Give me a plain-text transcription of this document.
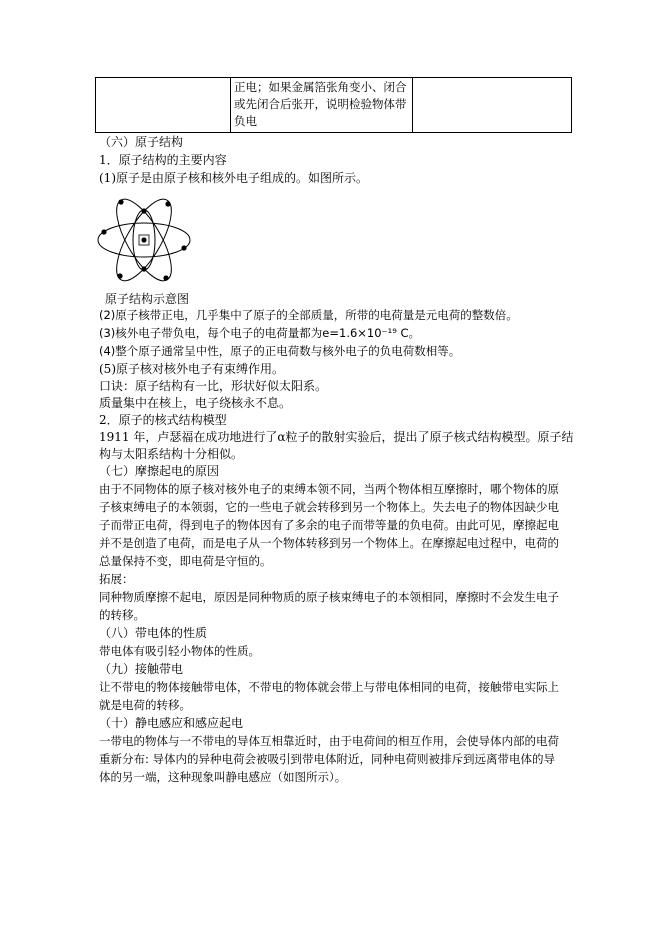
正电；如果金属箔张角变小、闭合
或先闭合后张开，说明检验物体带
负电

（六）原子结构
1．原子结构的主要内容
(1)原子是由原子核和核外电子组成的。如图所示。
原子结构示意图
(2)原子核带正电，几乎集中了原子的全部质量，所带的电荷量是元电荷的整数倍。
(3)核外电子带负电，每个电子的电荷量都为e=1.6×10⁻¹⁹ C。
(4)整个原子通常呈中性，原子的正电荷数与核外电子的负电荷数相等。
(5)原子核对核外电子有束缚作用。
口诀：原子结构有一比，形状好似太阳系。
质量集中在核上，电子绕核永不息。
2．原子的核式结构模型
1911 年，卢瑟福在成功地进行了α粒子的散射实验后，提出了原子核式结构模型。原子结
构与太阳系结构十分相似。
（七）摩擦起电的原因
由于不同物体的原子核对核外电子的束缚本领不同，当两个物体相互摩擦时，哪个物体的原
子核束缚电子的本领弱，它的一些电子就会转移到另一个物体上。失去电子的物体因缺少电
子而带正电荷，得到电子的物体因有了多余的电子而带等量的负电荷。由此可见，摩擦起电
并不是创造了电荷，而是电子从一个物体转移到另一个物体上。在摩擦起电过程中，电荷的
总量保持不变，即电荷是守恒的。
拓展：
同种物质摩擦不起电，原因是同种物质的原子核束缚电子的本领相同，摩擦时不会发生电子
的转移。
（八）带电体的性质
带电体有吸引轻小物体的性质。
（九）接触带电
让不带电的物体接触带电体，不带电的物体就会带上与带电体相同的电荷，接触带电实际上
就是电荷的转移。
（十）静电感应和感应起电
一带电的物体与一不带电的导体互相靠近时，由于电荷间的相互作用，会使导体内部的电荷
重新分布: 导体内的异种电荷会被吸引到带电体附近，同种电荷则被排斥到远离带电体的导
体的另一端，这种现象叫静电感应（如图所示）。
